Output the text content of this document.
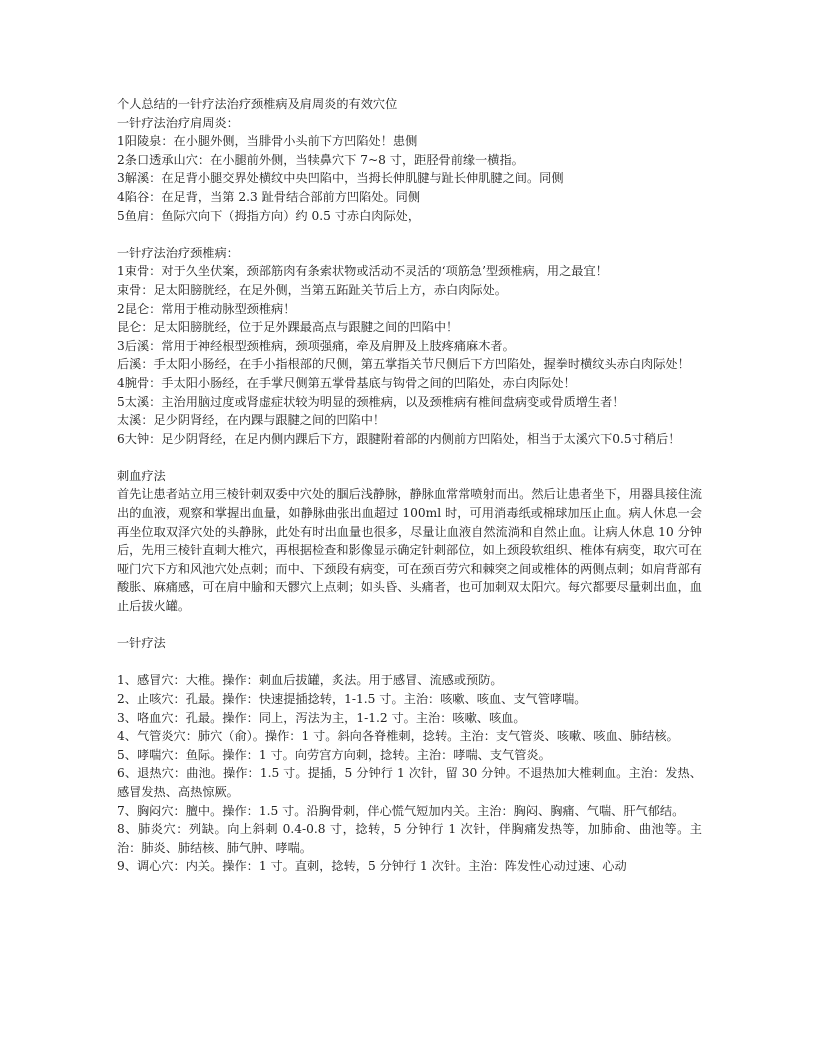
个人总结的一针疗法治疗颈椎病及肩周炎的有效穴位
一针疗法治疗肩周炎：
1阳陵泉：在小腿外侧，当腓骨小头前下方凹陷处！患侧
2条口透承山穴：在小腿前外侧，当犊鼻穴下 7~8 寸，距胫骨前缘一横指。
3解溪：在足背小腿交界处横纹中央凹陷中，当拇长伸肌腱与趾长伸肌腱之间。同侧
4陷谷：在足背，当第 2.3 趾骨结合部前方凹陷处。同侧
5鱼肩：鱼际穴向下（拇指方向）约 0.5 寸赤白肉际处，
一针疗法治疗颈椎病：
1束骨：对于久坐伏案，颈部筋肉有条索状物或活动不灵活的‘项筋急’型颈椎病，用之最宜！
束骨：足太阳膀胱经，在足外侧，当第五跖趾关节后上方，赤白肉际处。
2昆仑：常用于椎动脉型颈椎病！
昆仑：足太阳膀胱经，位于足外踝最高点与跟腱之间的凹陷中！
3后溪：常用于神经根型颈椎病，颈项强痛，牵及肩胛及上肢疼痛麻木者。
后溪：手太阳小肠经，在手小指根部的尺侧，第五掌指关节尺侧后下方凹陷处，握拳时横纹头赤白肉际处！
4腕骨：手太阳小肠经，在手掌尺侧第五掌骨基底与钩骨之间的凹陷处，赤白肉际处！
5太溪：主治用脑过度或肾虚症状较为明显的颈椎病，以及颈椎病有椎间盘病变或骨质增生者！
太溪：足少阴肾经，在内踝与跟腱之间的凹陷中！
6大钟：足少阴肾经，在足内侧内踝后下方，跟腱附着部的内侧前方凹陷处，相当于太溪穴下0.5寸稍后！
刺血疗法
首先让患者站立用三棱针刺双委中穴处的腘后浅静脉，静脉血常常喷射而出。然后让患者坐下，用器具接住流出的血液，观察和掌握出血量，如静脉曲张出血超过 100ml 时，可用消毒纸或棉球加压止血。病人休息一会再坐位取双泽穴处的头静脉，此处有时出血量也很多，尽量让血液自然流淌和自然止血。让病人休息 10 分钟后，先用三棱针直刺大椎穴，再根据检查和影像显示确定针刺部位，如上颈段软组织、椎体有病变，取穴可在哑门穴下方和风池穴处点刺；而中、下颈段有病变，可在颈百劳穴和棘突之间或椎体的两侧点刺；如肩背部有酸胀、麻痛感，可在肩中腧和天髎穴上点刺；如头昏、头痛者，也可加刺双太阳穴。每穴都要尽量刺出血，血止后拔火罐。
一针疗法
1、感冒穴：大椎。操作：刺血后拔罐，炙法。用于感冒、流感或预防。
2、止咳穴：孔最。操作：快速提插捻转，1-1.5 寸。主治：咳嗽、咳血、支气管哮喘。
3、咯血穴：孔最。操作：同上，泻法为主，1-1.2 寸。主治：咳嗽、咳血。
4、气管炎穴：肺穴（俞）。操作：1 寸。斜向各脊椎刺，捻转。主治：支气管炎、咳嗽、咳血、肺结核。
5、哮喘穴：鱼际。操作：1 寸。向劳宫方向刺，捻转。主治：哮喘、支气管炎。
6、退热穴：曲池。操作：1.5 寸。提插，5 分钟行 1 次针，留 30 分钟。不退热加大椎刺血。主治：发热、感冒发热、高热惊厥。
7、胸闷穴：膻中。操作：1.5 寸。沿胸骨刺，伴心慌气短加内关。主治：胸闷、胸痛、气喘、肝气郁结。
8、肺炎穴：列缺。向上斜刺 0.4-0.8 寸，捻转，5 分钟行 1 次针，伴胸痛发热等，加肺俞、曲池等。主治：肺炎、肺结核、肺气肿、哮喘。
9、调心穴：内关。操作：1 寸。直刺，捻转，5 分钟行 1 次针。主治：阵发性心动过速、心动
